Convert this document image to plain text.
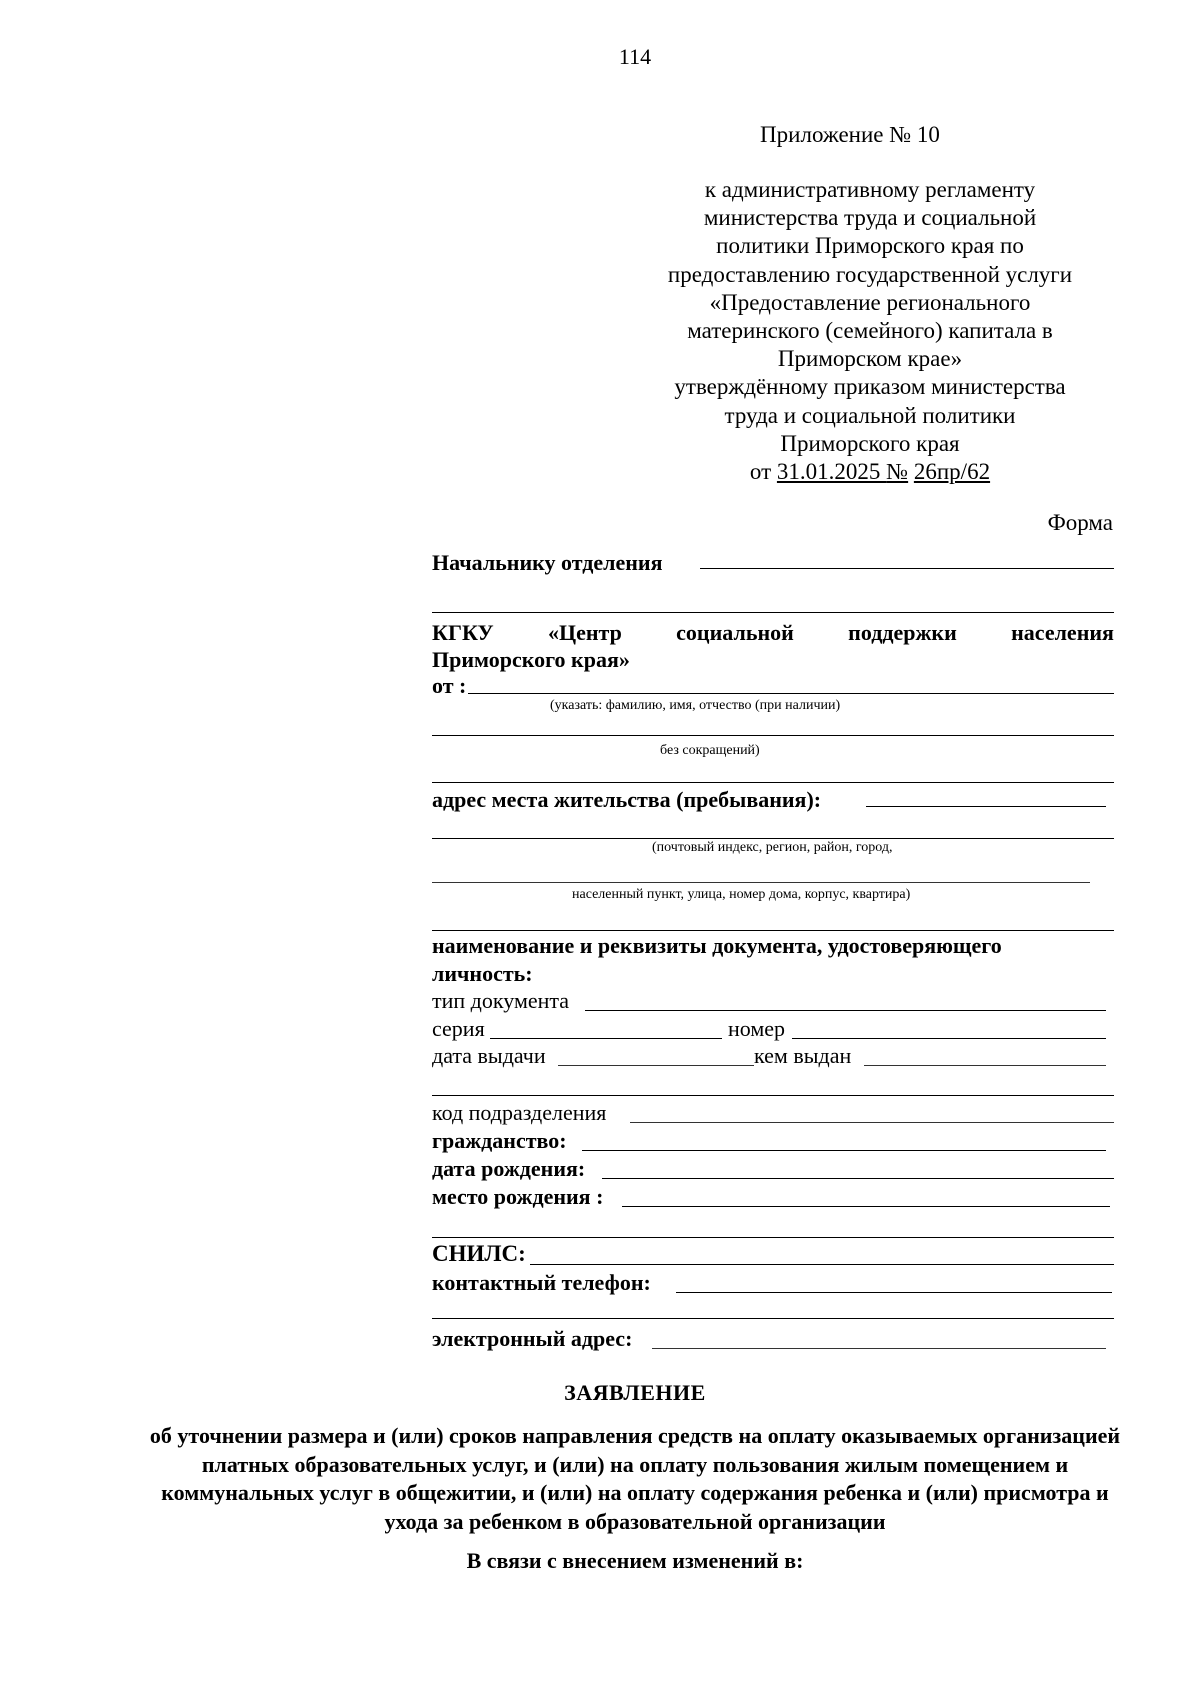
114
Приложение № 10
к административному регламенту
министерства труда и социальной
политики Приморского края по
предоставлению государственной услуги
«Предоставление регионального
материнского (семейного) капитала в
Приморском крае»
утверждённому приказом министерства
труда и социальной политики
Приморского края
от 31.01.2025 № 26пр/62
Форма
Начальнику отделения
КГКУ «Центр социальной поддержки населения
Приморского края»
от :
(указать: фамилию, имя, отчество (при наличии)
без сокращений)
адрес места жительства (пребывания):
(почтовый индекс, регион, район, город,
населенный пункт, улица, номер дома, корпус, квартира)
наименование и реквизиты документа, удостоверяющего
личность:
тип документа
серия	номер
дата выдачи	кем выдан
код подразделения
гражданство:
дата рождения:
место рождения :
СНИЛС:
контактный телефон:
электронный адрес:
ЗАЯВЛЕНИЕ
об уточнении размера и (или) сроков направления средств на оплату оказываемых организацией платных образовательных услуг, и (или) на оплату пользования жилым помещением и коммунальных услуг в общежитии, и (или) на оплату содержания ребенка и (или) присмотра и ухода за ребенком в образовательной организации
В связи с внесением изменений в:
